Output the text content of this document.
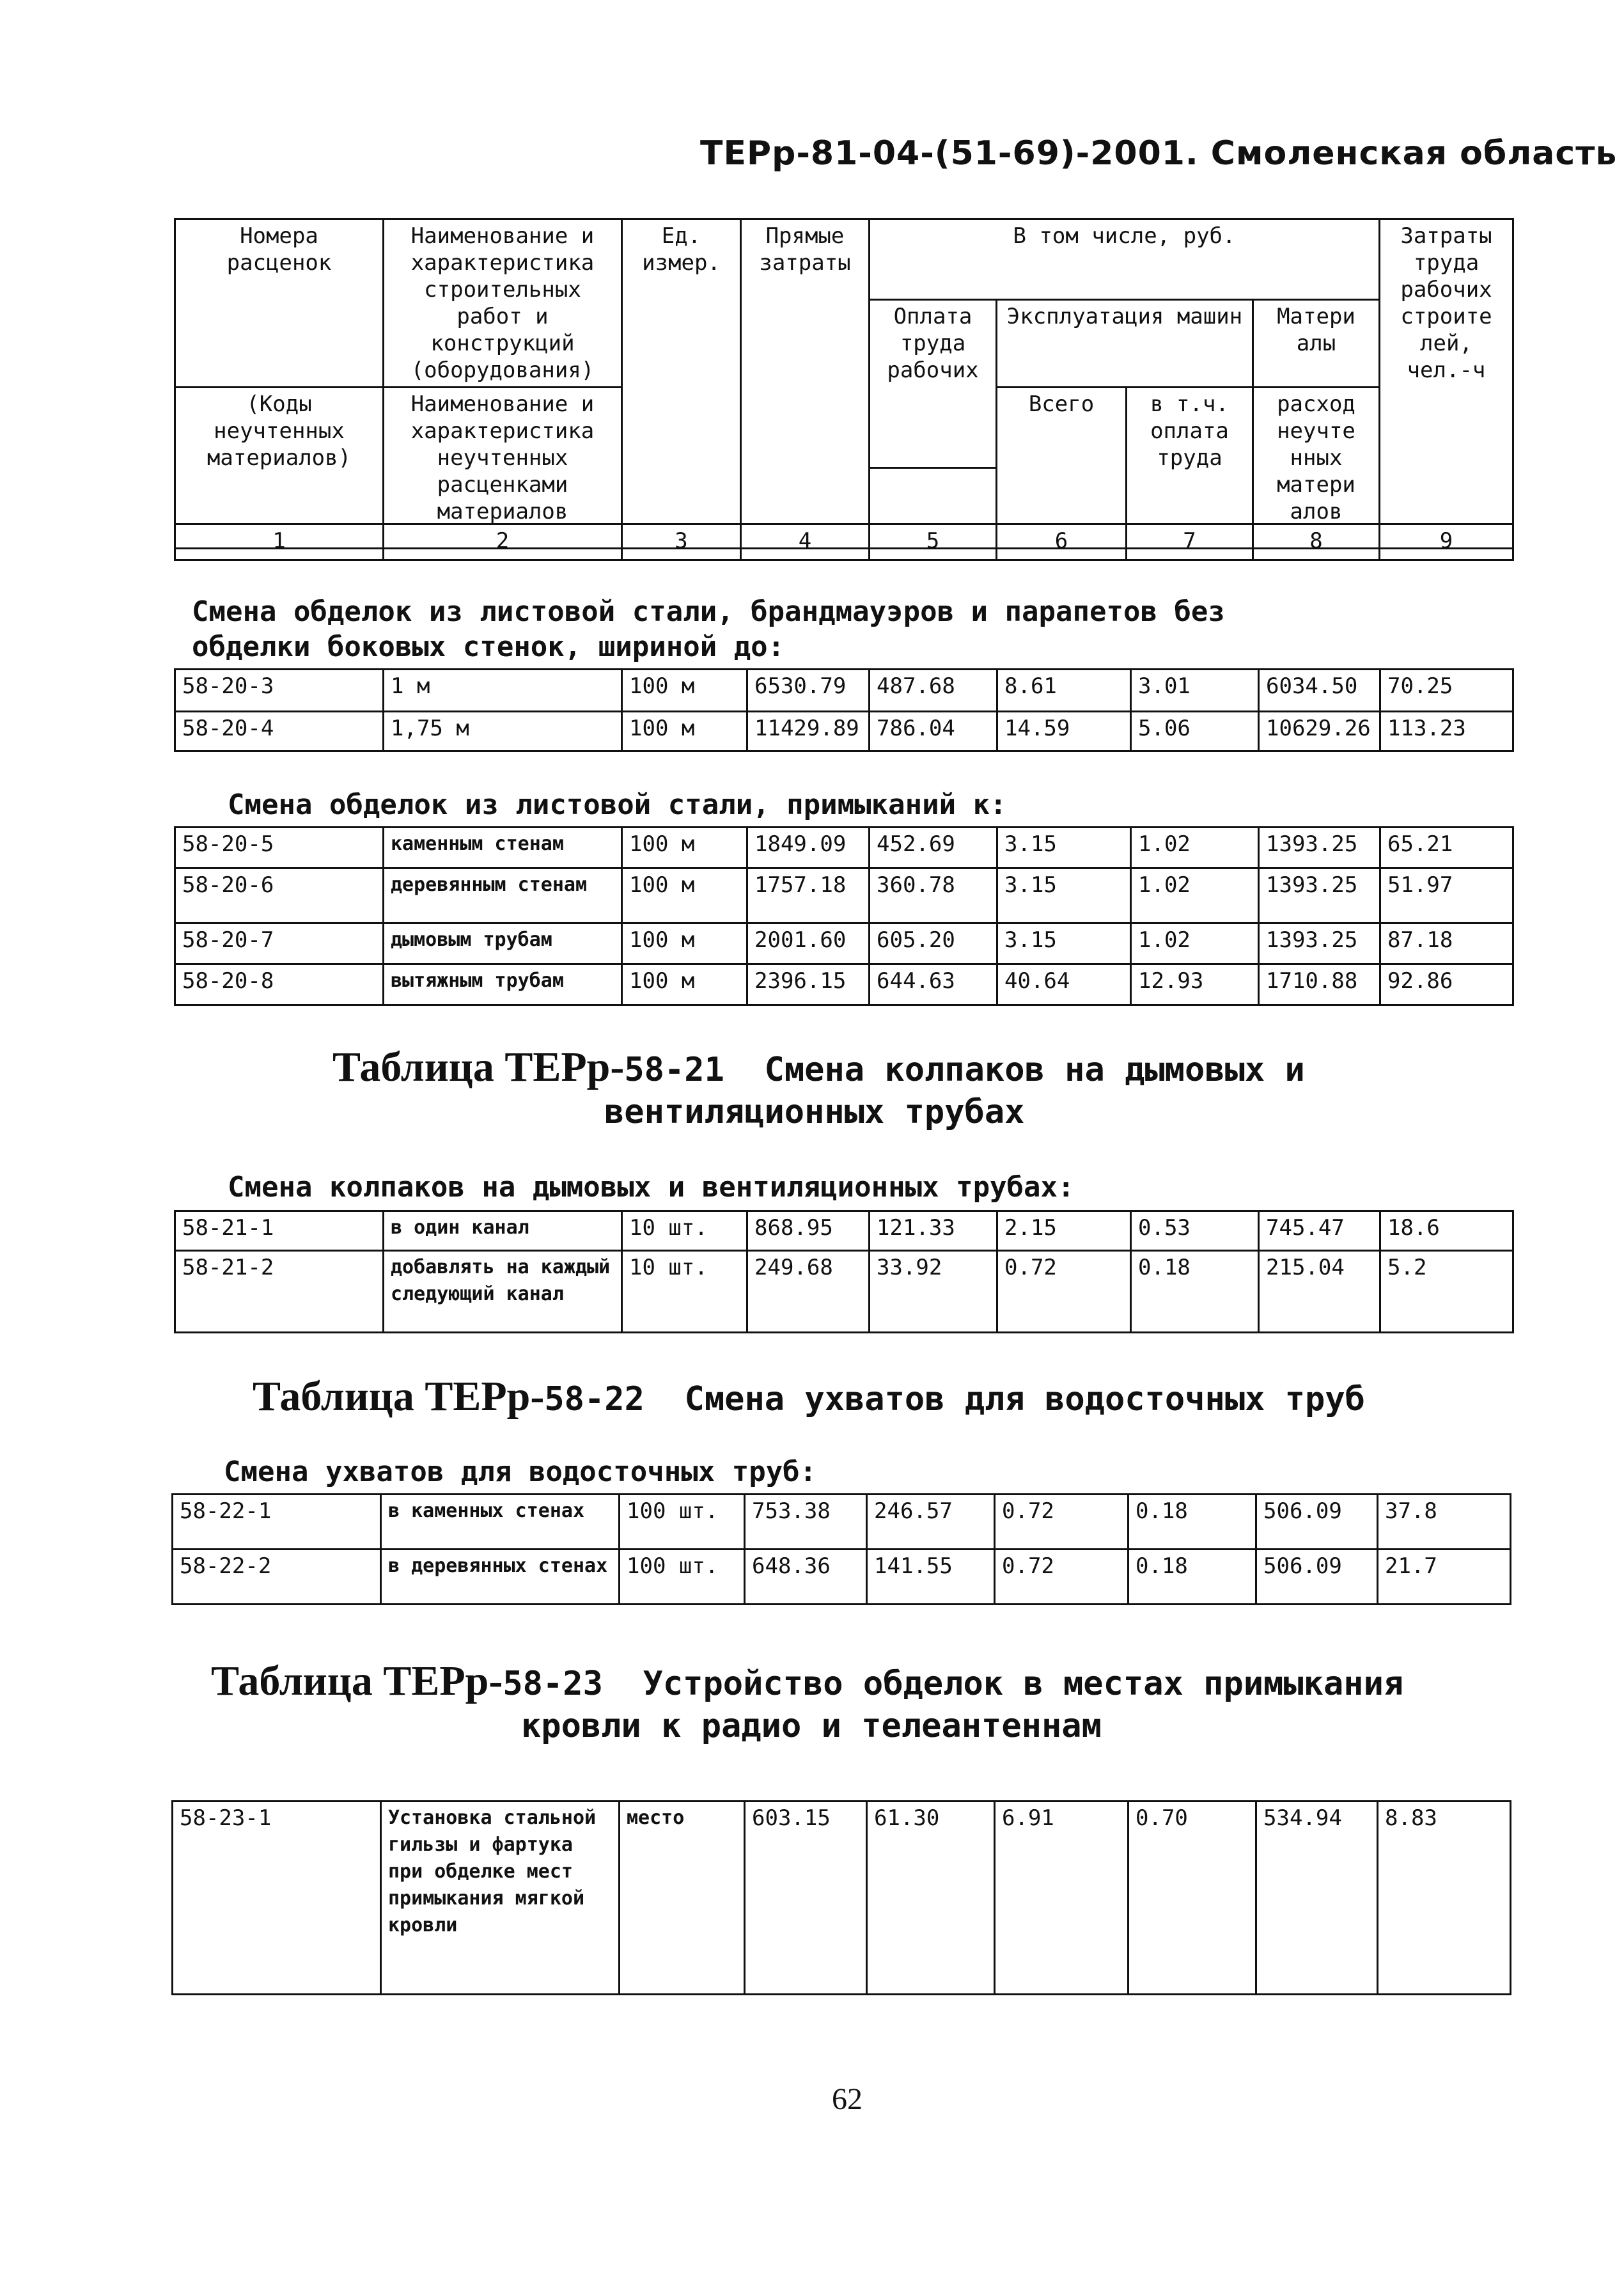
ТЕРр-81-04-(51-69)-2001. Смоленская область
Номера расценок	Наименование и характеристика строительных работ и конструкций (оборудования)	Ед. измер.	Прямые затраты	В том числе, руб.				Затраты труда рабочих строите лей, чел.-ч
				Оплата труда рабочих	Эксплуатация машин		Матери алы	
(Коды неучтенных материалов)	Наименование и характеристика неучтенных расценками материалов				Всего	в т.ч. оплата труда	расход неучте нных матери алов	

1	2	3	4	5	6	7	8	9
Смена обделок из листовой стали, брандмауэров и парапетов без
обделки боковых стенок, шириной до:
58-20-3	1 м	100 м	6530.79	487.68	8.61	3.01	6034.50	70.25
58-20-4	1,75 м	100 м	11429.89	786.04	14.59	5.06	10629.26	113.23
Смена обделок из листовой стали, примыканий к:
58-20-5	каменным стенам	100 м	1849.09	452.69	3.15	1.02	1393.25	65.21
58-20-6	деревянным стенам	100 м	1757.18	360.78	3.15	1.02	1393.25	51.97
58-20-7	дымовым трубам	100 м	2001.60	605.20	3.15	1.02	1393.25	87.18
58-20-8	вытяжным трубам	100 м	2396.15	644.63	40.64	12.93	1710.88	92.86
Таблица ТЕРр-58-21 Смена колпаков на дымовых и
вентиляционных трубах
Смена колпаков на дымовых и вентиляционных трубах:
58-21-1	в один канал	10 шт.	868.95	121.33	2.15	0.53	745.47	18.6
58-21-2	добавлять на каждый следующий канал	10 шт.	249.68	33.92	0.72	0.18	215.04	5.2
Таблица ТЕРр-58-22 Смена ухватов для водосточных труб
Смена ухватов для водосточных труб:
58-22-1	в каменных стенах	100 шт.	753.38	246.57	0.72	0.18	506.09	37.8
58-22-2	в деревянных стенах	100 шт.	648.36	141.55	0.72	0.18	506.09	21.7
Таблица ТЕРр-58-23 Устройство обделок в местах примыкания
кровли к радио и телеантеннам
58-23-1	Установка стальной гильзы и фартука при обделке мест примыкания мягкой кровли	место	603.15	61.30	6.91	0.70	534.94	8.83
62
